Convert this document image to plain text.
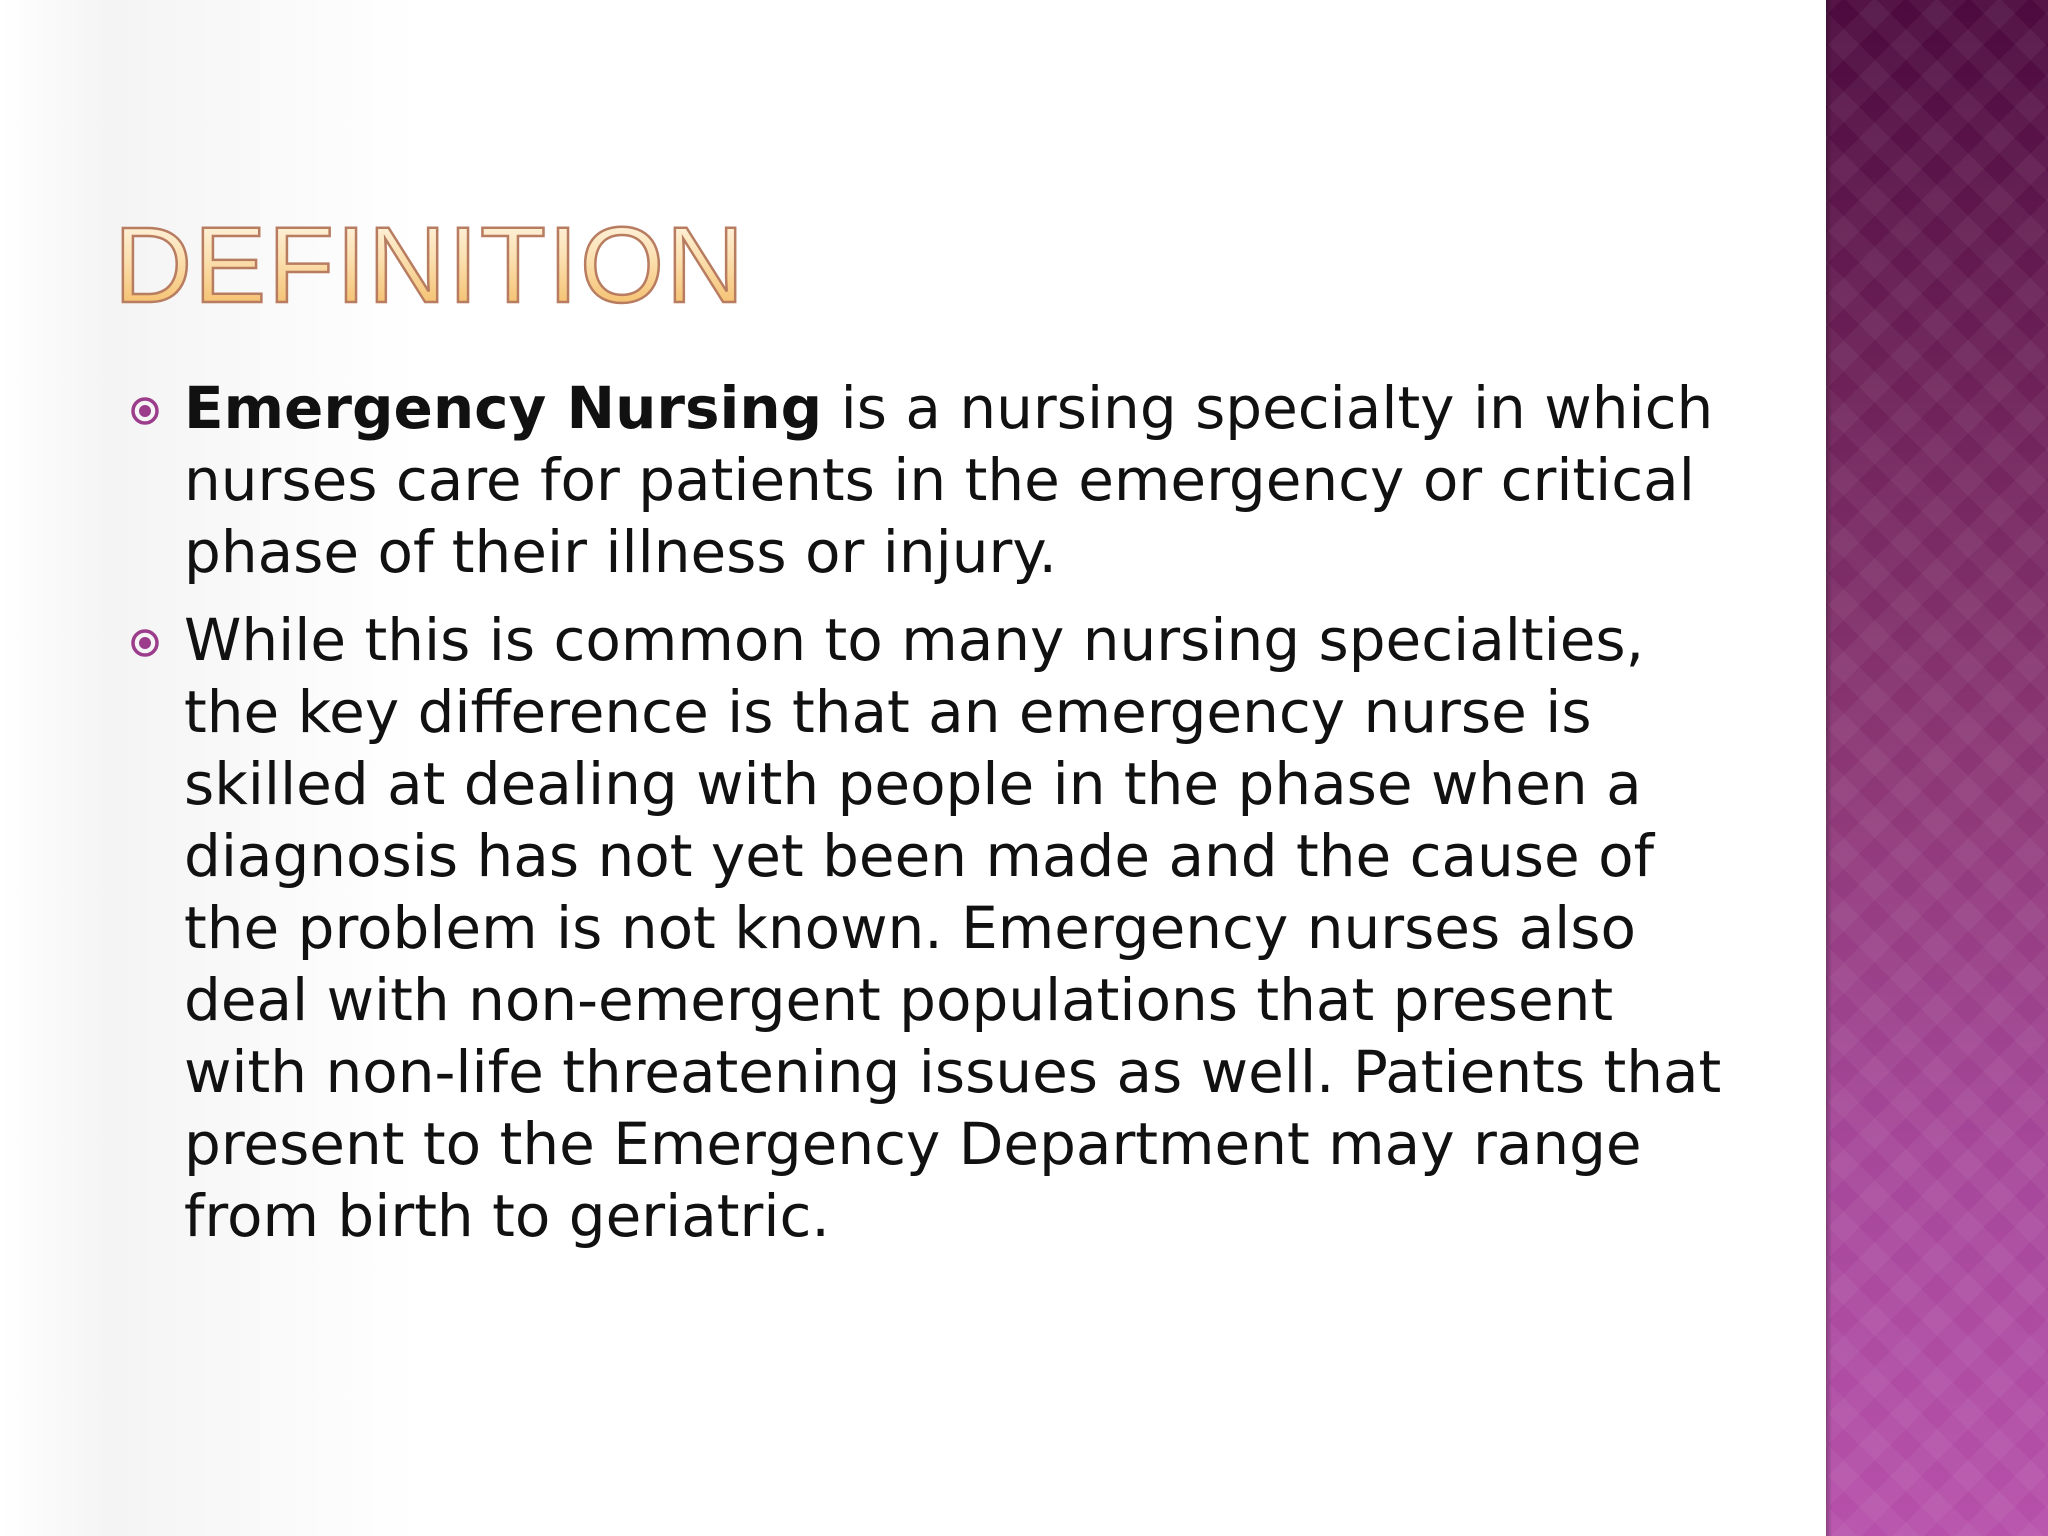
DEFINITION
Emergency Nursing is a nursing specialty in which nurses care for patients in the emergency or critical phase of their illness or injury.
While this is common to many nursing specialties, the key difference is that an emergency nurse is skilled at dealing with people in the phase when a diagnosis has not yet been made and the cause of the problem is not known. Emergency nurses also deal with non-emergent populations that present with non-life threatening issues as well. Patients that present to the Emergency Department may range from birth to geriatric.
